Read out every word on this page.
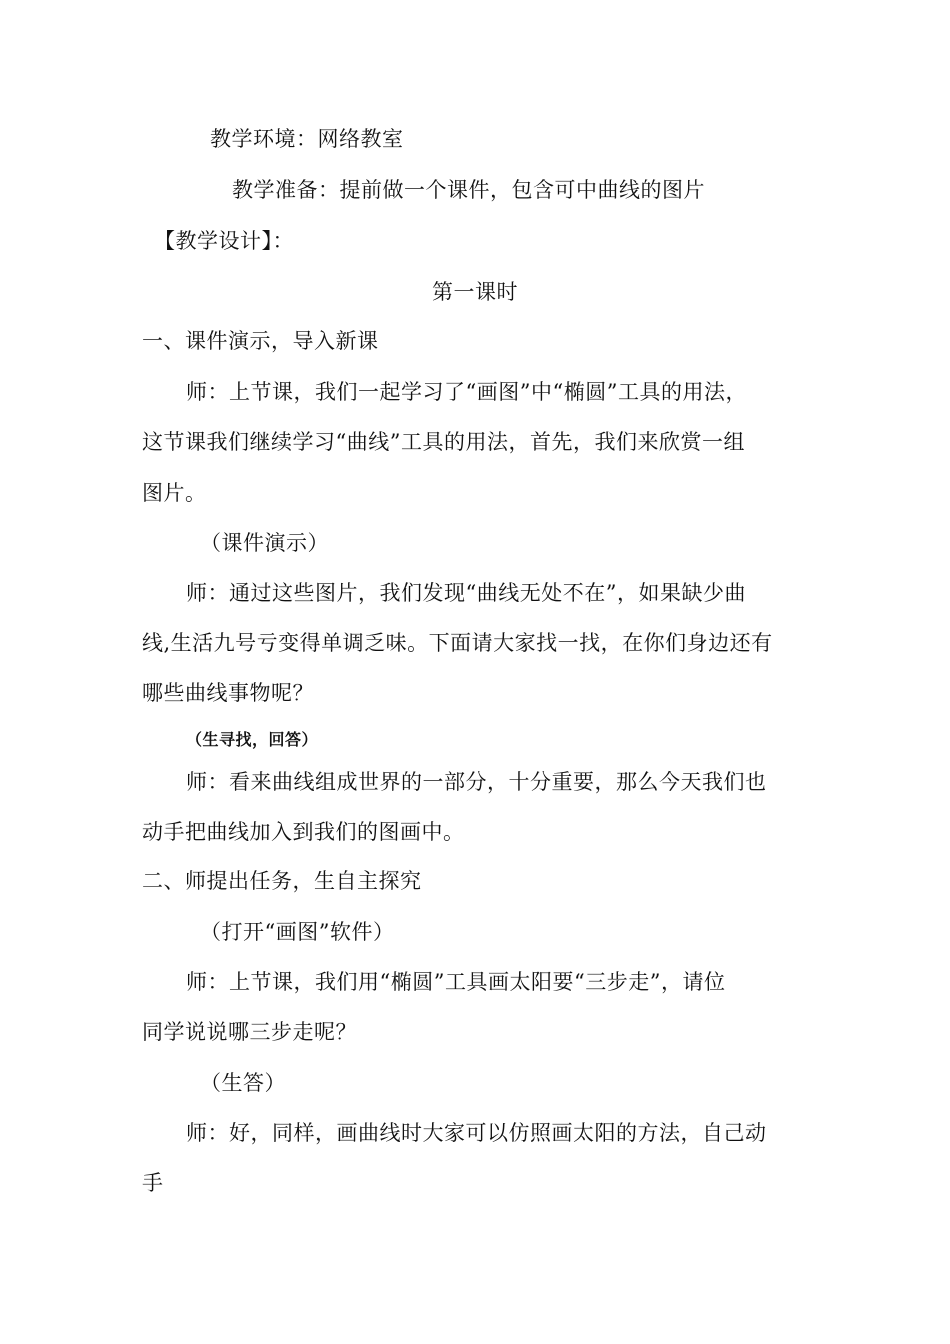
教学环境：网络教室
教学准备：提前做一个课件，包含可中曲线的图片
【教学设计】：
第一课时
一、课件演示，导入新课
师：上节课，我们一起学习了“画图”中“椭圆”工具的用法，
这节课我们继续学习“曲线”工具的用法，首先，我们来欣赏一组
图片。
（课件演示）
师：通过这些图片，我们发现“曲线无处不在”，如果缺少曲
线,生活九号亏变得单调乏味。下面请大家找一找，在你们身边还有
哪些曲线事物呢？
（生寻找，回答）
师：看来曲线组成世界的一部分，十分重要，那么今天我们也
动手把曲线加入到我们的图画中。
二、师提出任务，生自主探究
（打开“画图”软件）
师：上节课，我们用“椭圆”工具画太阳要“三步走”，请位
同学说说哪三步走呢？
（生答）
师：好，同样，画曲线时大家可以仿照画太阳的方法，自己动
手
